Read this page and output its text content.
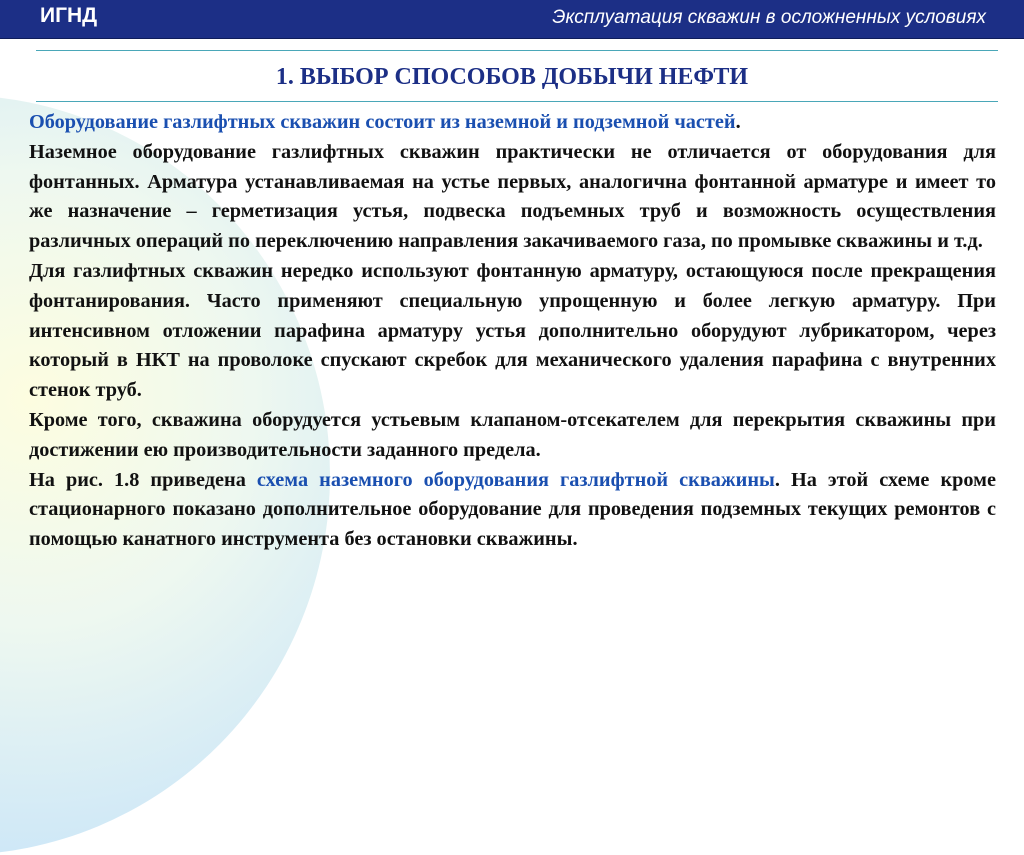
ИГНД	Эксплуатация скважин в осложненных условиях
1. ВЫБОР СПОСОБОВ ДОБЫЧИ НЕФТИ

Оборудование газлифтных скважин состоит из наземной и подземной частей.

Наземное оборудование газлифтных скважин практически не отличается от оборудования для фонтанных. Арматура устанавливаемая на устье первых, аналогична фонтанной арматуре и имеет то же назначение – герметизация устья, подвеска подъемных труб и возможность осуществления различных операций по переключению направления закачиваемого газа, по промывке скважины и т.д.

Для газлифтных скважин нередко используют фонтанную арматуру, остающуюся после прекращения фонтанирования. Часто применяют специальную упрощенную и более легкую арматуру. При интенсивном отложении парафина арматуру устья дополнительно оборудуют лубрикатором, через который в НКТ на проволоке спускают скребок для механического удаления парафина с внутренних стенок труб.

Кроме того, скважина оборудуется устьевым клапаном-отсекателем для перекрытия скважины при достижении ею производительности заданного предела.

На рис. 1.8 приведена схема наземного оборудования газлифтной скважины. На этой схеме кроме стационарного показано дополнительное оборудование для проведения подземных текущих ремонтов с помощью канатного инструмента без остановки скважины.
